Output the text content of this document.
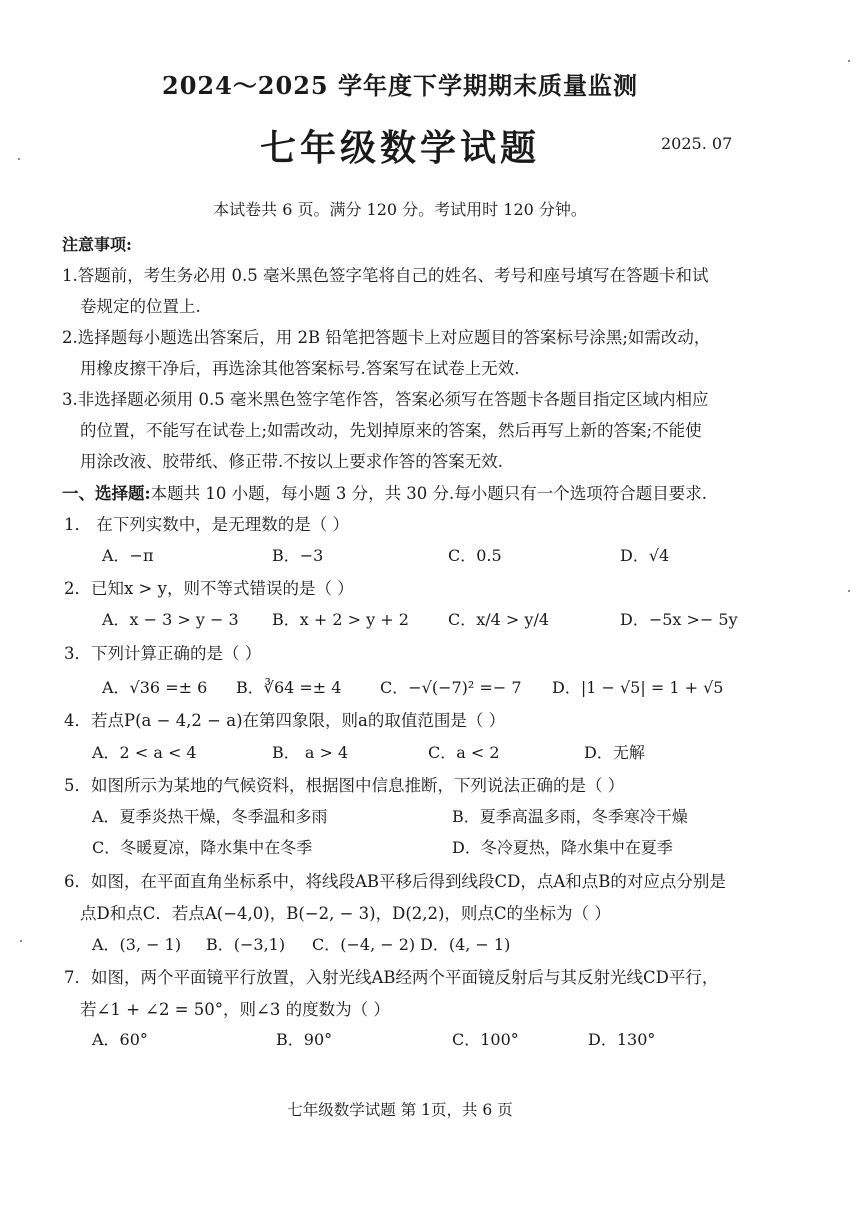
2024～2025 学年度下学期期末质量监测
七年级数学试题	2025. 07
本试卷共 6 页。满分 120 分。考试用时 120 分钟。
注意事项:
1.答题前，考生务必用 0.5 毫米黑色签字笔将自己的姓名、考号和座号填写在答题卡和试
卷规定的位置上.
2.选择题每小题选出答案后，用 2B 铅笔把答题卡上对应题目的答案标号涂黑;如需改动，
用橡皮擦干净后，再选涂其他答案标号.答案写在试卷上无效.
3.非选择题必须用 0.5 毫米黑色签字笔作答，答案必须写在答题卡各题目指定区域内相应
的位置，不能写在试卷上;如需改动，先划掉原来的答案，然后再写上新的答案;不能使
用涂改液、胶带纸、修正带.不按以上要求作答的答案无效.
一、选择题:本题共 10 小题，每小题 3 分，共 30 分.每小题只有一个选项符合题目要求.
1． 在下列实数中，是无理数的是（ ）
A．−π	B．−3	C．0.5	D．√4
2．已知x > y，则不等式错误的是（ ）
A．x − 3 > y − 3 B．x + 2 > y + 2 C．x/4 > y/4	D．−5x >− 5y
3．下列计算正确的是（ ）
A．√36 =± 6 B．∛64 =± 4 C．−√(−7)² =− 7 D．|1 − √5| = 1 + √5
4．若点P(a − 4,2 − a)在第四象限，则a的取值范围是（ ）
A．2 < a < 4	B． a > 4	C．a < 2	D．无解
5．如图所示为某地的气候资料，根据图中信息推断，下列说法正确的是（ ）
A．夏季炎热干燥，冬季温和多雨	B．夏季高温多雨，冬季寒冷干燥
C．冬暖夏凉，降水集中在冬季	D．冬冷夏热，降水集中在夏季
6．如图，在平面直角坐标系中，将线段AB平移后得到线段CD，点A和点B的对应点分别是
点D和点C．若点A(−4,0)，B(−2, − 3)，D(2,2)，则点C的坐标为（ ）
A．(3, − 1) B．(−3,1) C．(−4, − 2) D．(4, − 1)
7．如图，两个平面镜平行放置，入射光线AB经两个平面镜反射后与其反射光线CD平行，
若∠1 + ∠2 = 50°，则∠3 的度数为（ ）
A．60°	B．90°	C．100°	D．130°
七年级数学试题 第 1页，共 6 页
